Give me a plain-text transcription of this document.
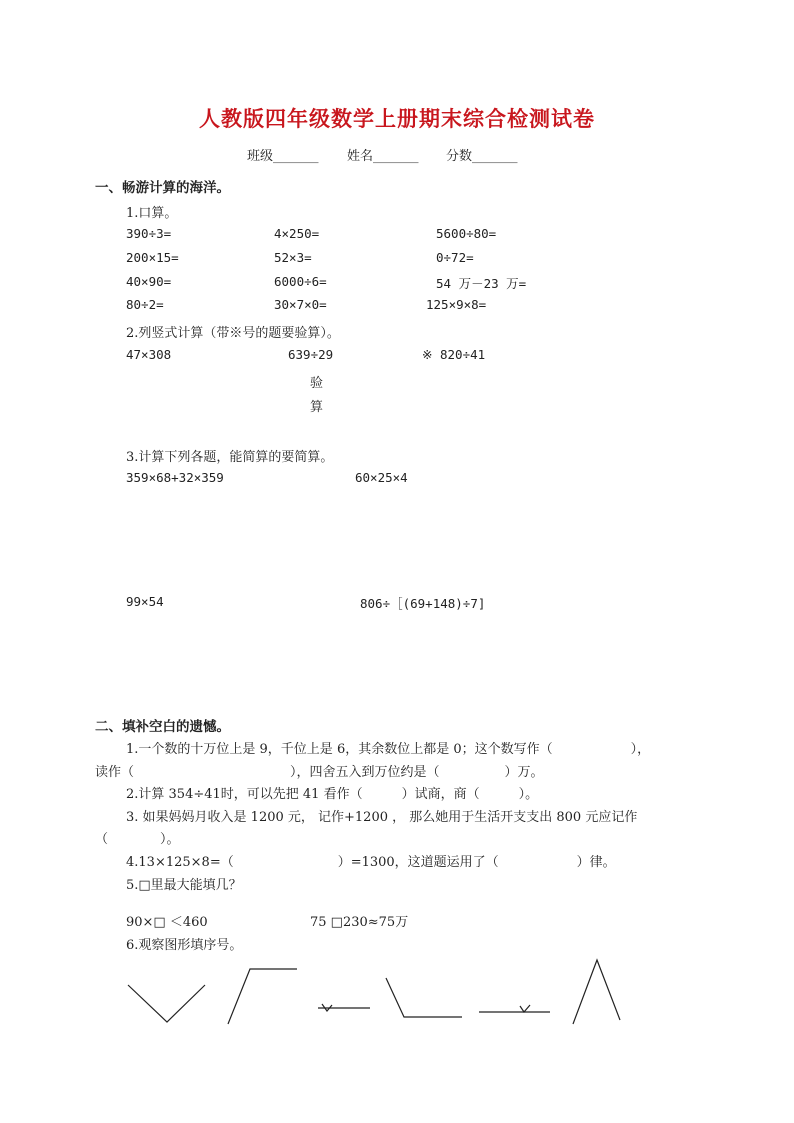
人教版四年级数学上册期末综合检测试卷
班级_______ 姓名_______ 分数_______
一、畅游计算的海洋。
1.口算。
390÷3=	4×250=	5600÷80=
200×15=	52×3=	0÷72=
40×90=	6000÷6=	54 万－23 万=
80÷2=	30×7×0=	125×9×8=
2.列竖式计算（带※号的题要验算）。
47×308	639÷29	※ 820÷41
验
算
3.计算下列各题，能简算的要简算。
359×68+32×359	60×25×4
99×54	806÷［(69+148)÷7]
二、填补空白的遗憾。
1.一个数的十万位上是 9，千位上是 6，其余数位上都是 0；这个数写作（　　　　　　），
读作（　　　　　　　　　　　　），四舍五入到万位约是（　　　　　）万。
2.计算 354÷41时，可以先把 41 看作（　　　）试商，商（　　　）。
3. 如果妈妈月收入是 1200 元， 记作+1200 ， 那么她用于生活开支支出 800 元应记作
（　　　　）。
4.13×125×8=（　　　　　　　　）=1300，这道题运用了（　　　　　　）律。
5.□里最大能填几？
90×□ ＜460	75 □230≈75万
6.观察图形填序号。
